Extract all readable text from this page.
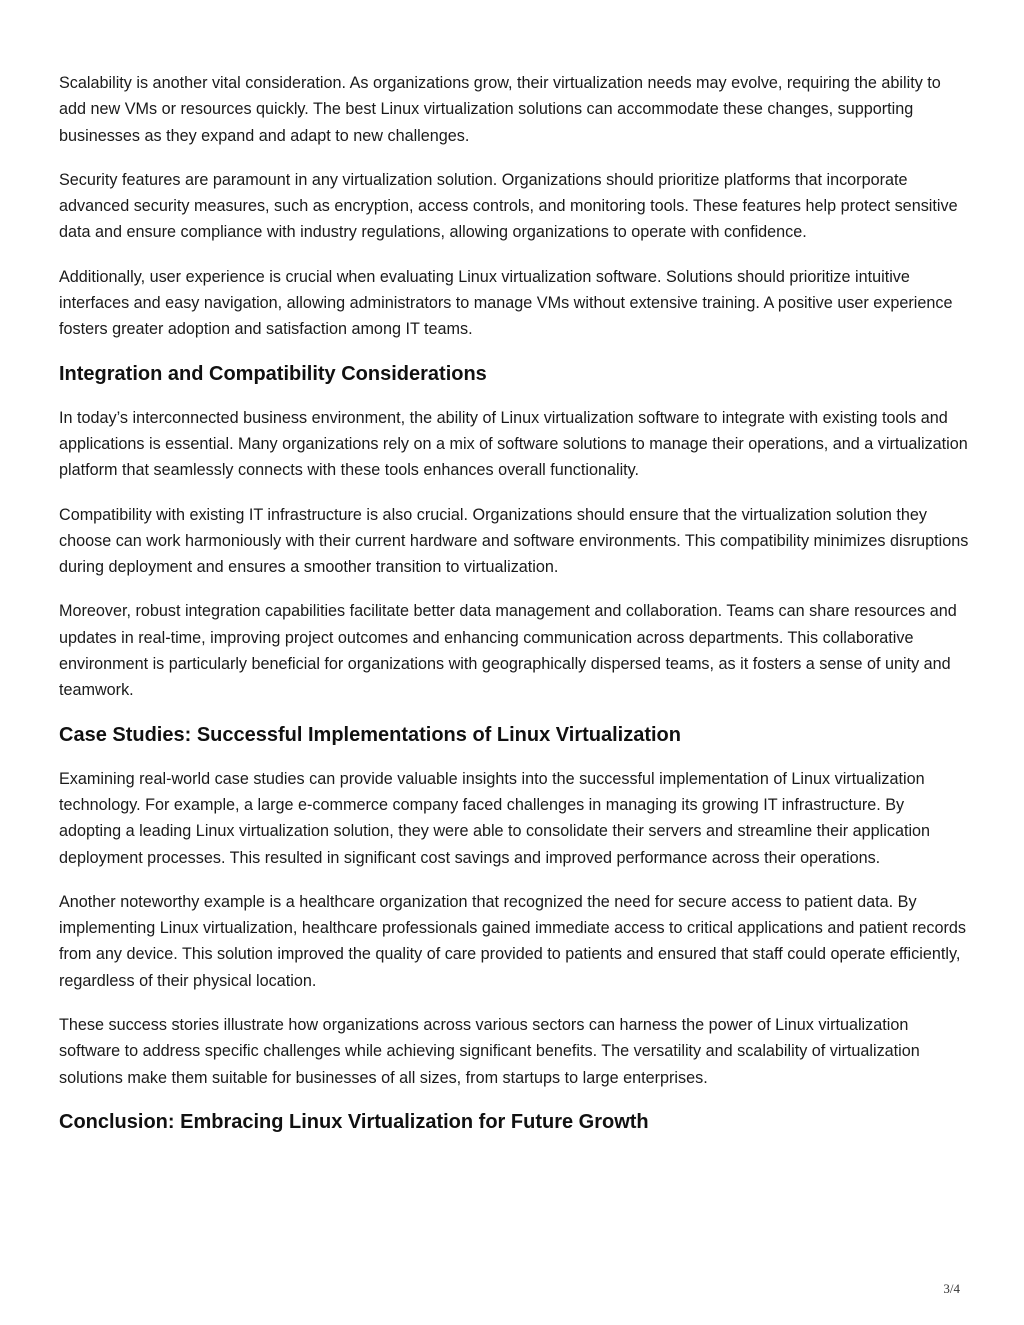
Scalability is another vital consideration. As organizations grow, their virtualization needs may evolve, requiring the ability to add new VMs or resources quickly. The best Linux virtualization solutions can accommodate these changes, supporting businesses as they expand and adapt to new challenges.

Security features are paramount in any virtualization solution. Organizations should prioritize platforms that incorporate advanced security measures, such as encryption, access controls, and monitoring tools. These features help protect sensitive data and ensure compliance with industry regulations, allowing organizations to operate with confidence.

Additionally, user experience is crucial when evaluating Linux virtualization software. Solutions should prioritize intuitive interfaces and easy navigation, allowing administrators to manage VMs without extensive training. A positive user experience fosters greater adoption and satisfaction among IT teams.

Integration and Compatibility Considerations

In today’s interconnected business environment, the ability of Linux virtualization software to integrate with existing tools and applications is essential. Many organizations rely on a mix of software solutions to manage their operations, and a virtualization platform that seamlessly connects with these tools enhances overall functionality.

Compatibility with existing IT infrastructure is also crucial. Organizations should ensure that the virtualization solution they choose can work harmoniously with their current hardware and software environments. This compatibility minimizes disruptions during deployment and ensures a smoother transition to virtualization.

Moreover, robust integration capabilities facilitate better data management and collaboration. Teams can share resources and updates in real-time, improving project outcomes and enhancing communication across departments. This collaborative environment is particularly beneficial for organizations with geographically dispersed teams, as it fosters a sense of unity and teamwork.

Case Studies: Successful Implementations of Linux Virtualization

Examining real-world case studies can provide valuable insights into the successful implementation of Linux virtualization technology. For example, a large e-commerce company faced challenges in managing its growing IT infrastructure. By adopting a leading Linux virtualization solution, they were able to consolidate their servers and streamline their application deployment processes. This resulted in significant cost savings and improved performance across their operations.

Another noteworthy example is a healthcare organization that recognized the need for secure access to patient data. By implementing Linux virtualization, healthcare professionals gained immediate access to critical applications and patient records from any device. This solution improved the quality of care provided to patients and ensured that staff could operate efficiently, regardless of their physical location.

These success stories illustrate how organizations across various sectors can harness the power of Linux virtualization software to address specific challenges while achieving significant benefits. The versatility and scalability of virtualization solutions make them suitable for businesses of all sizes, from startups to large enterprises.

Conclusion: Embracing Linux Virtualization for Future Growth
3/4
